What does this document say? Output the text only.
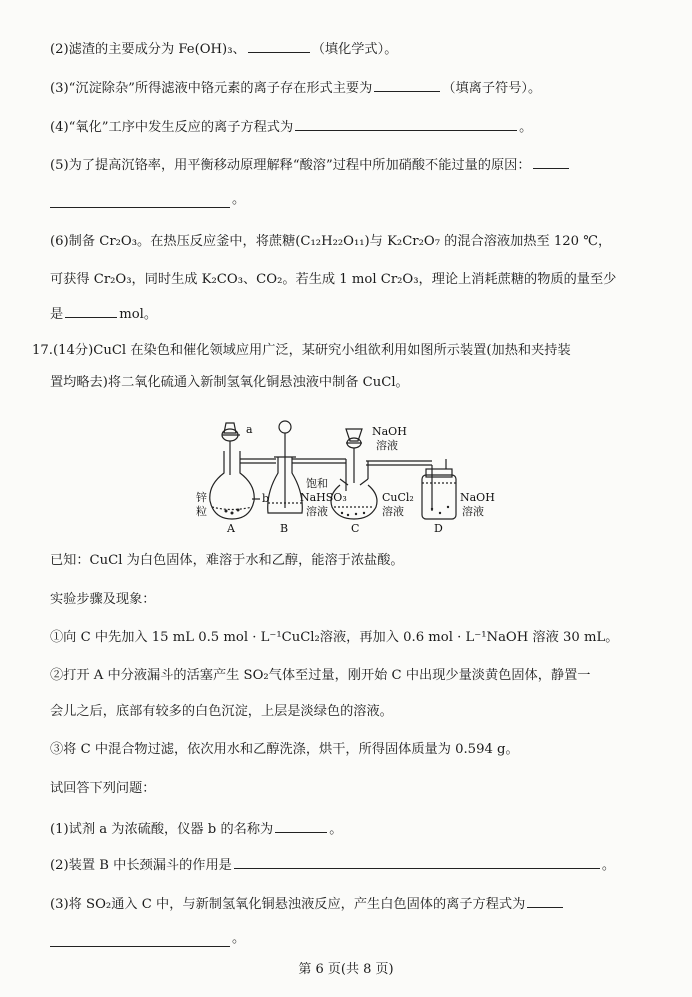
(2)滤渣的主要成分为 Fe(OH)₃、	（填化学式）。
(3)“沉淀除杂”所得滤液中铬元素的离子存在形式主要为	（填离子符号）。
(4)“氧化”工序中发生反应的离子方程式为	。
(5)为了提高沉铬率，用平衡移动原理解释“酸溶”过程中所加硝酸不能过量的原因：
。
(6)制备 Cr₂O₃。在热压反应釜中，将蔗糖(C₁₂H₂₂O₁₁)与 K₂Cr₂O₇ 的混合溶液加热至 120 ℃，
可获得 Cr₂O₃，同时生成 K₂CO₃、CO₂。若生成 1 mol Cr₂O₃，理论上消耗蔗糖的物质的量至少
是	mol。
17.(14分)CuCl 在染色和催化领域应用广泛，某研究小组欲利用如图所示装置(加热和夹持装
置均略去)将二氧化硫通入新制氢氧化铜悬浊液中制备 CuCl。
a
b
锌
粒
A	B	C	D
饱和
NaHSO₃
溶液
NaOH
溶液
CuCl₂
溶液
NaOH
溶液
已知：CuCl 为白色固体，难溶于水和乙醇，能溶于浓盐酸。
实验步骤及现象：
①向 C 中先加入 15 mL 0.5 mol · L⁻¹CuCl₂溶液，再加入 0.6 mol · L⁻¹NaOH 溶液 30 mL。
②打开 A 中分液漏斗的活塞产生 SO₂气体至过量，刚开始 C 中出现少量淡黄色固体，静置一
会儿之后，底部有较多的白色沉淀，上层是淡绿色的溶液。
③将 C 中混合物过滤，依次用水和乙醇洗涤，烘干，所得固体质量为 0.594 g。
试回答下列问题：
(1)试剂 a 为浓硫酸，仪器 b 的名称为	。
(2)装置 B 中长颈漏斗的作用是	。
(3)将 SO₂通入 C 中，与新制氢氧化铜悬浊液反应，产生白色固体的离子方程式为
。
第 6 页(共 8 页)
